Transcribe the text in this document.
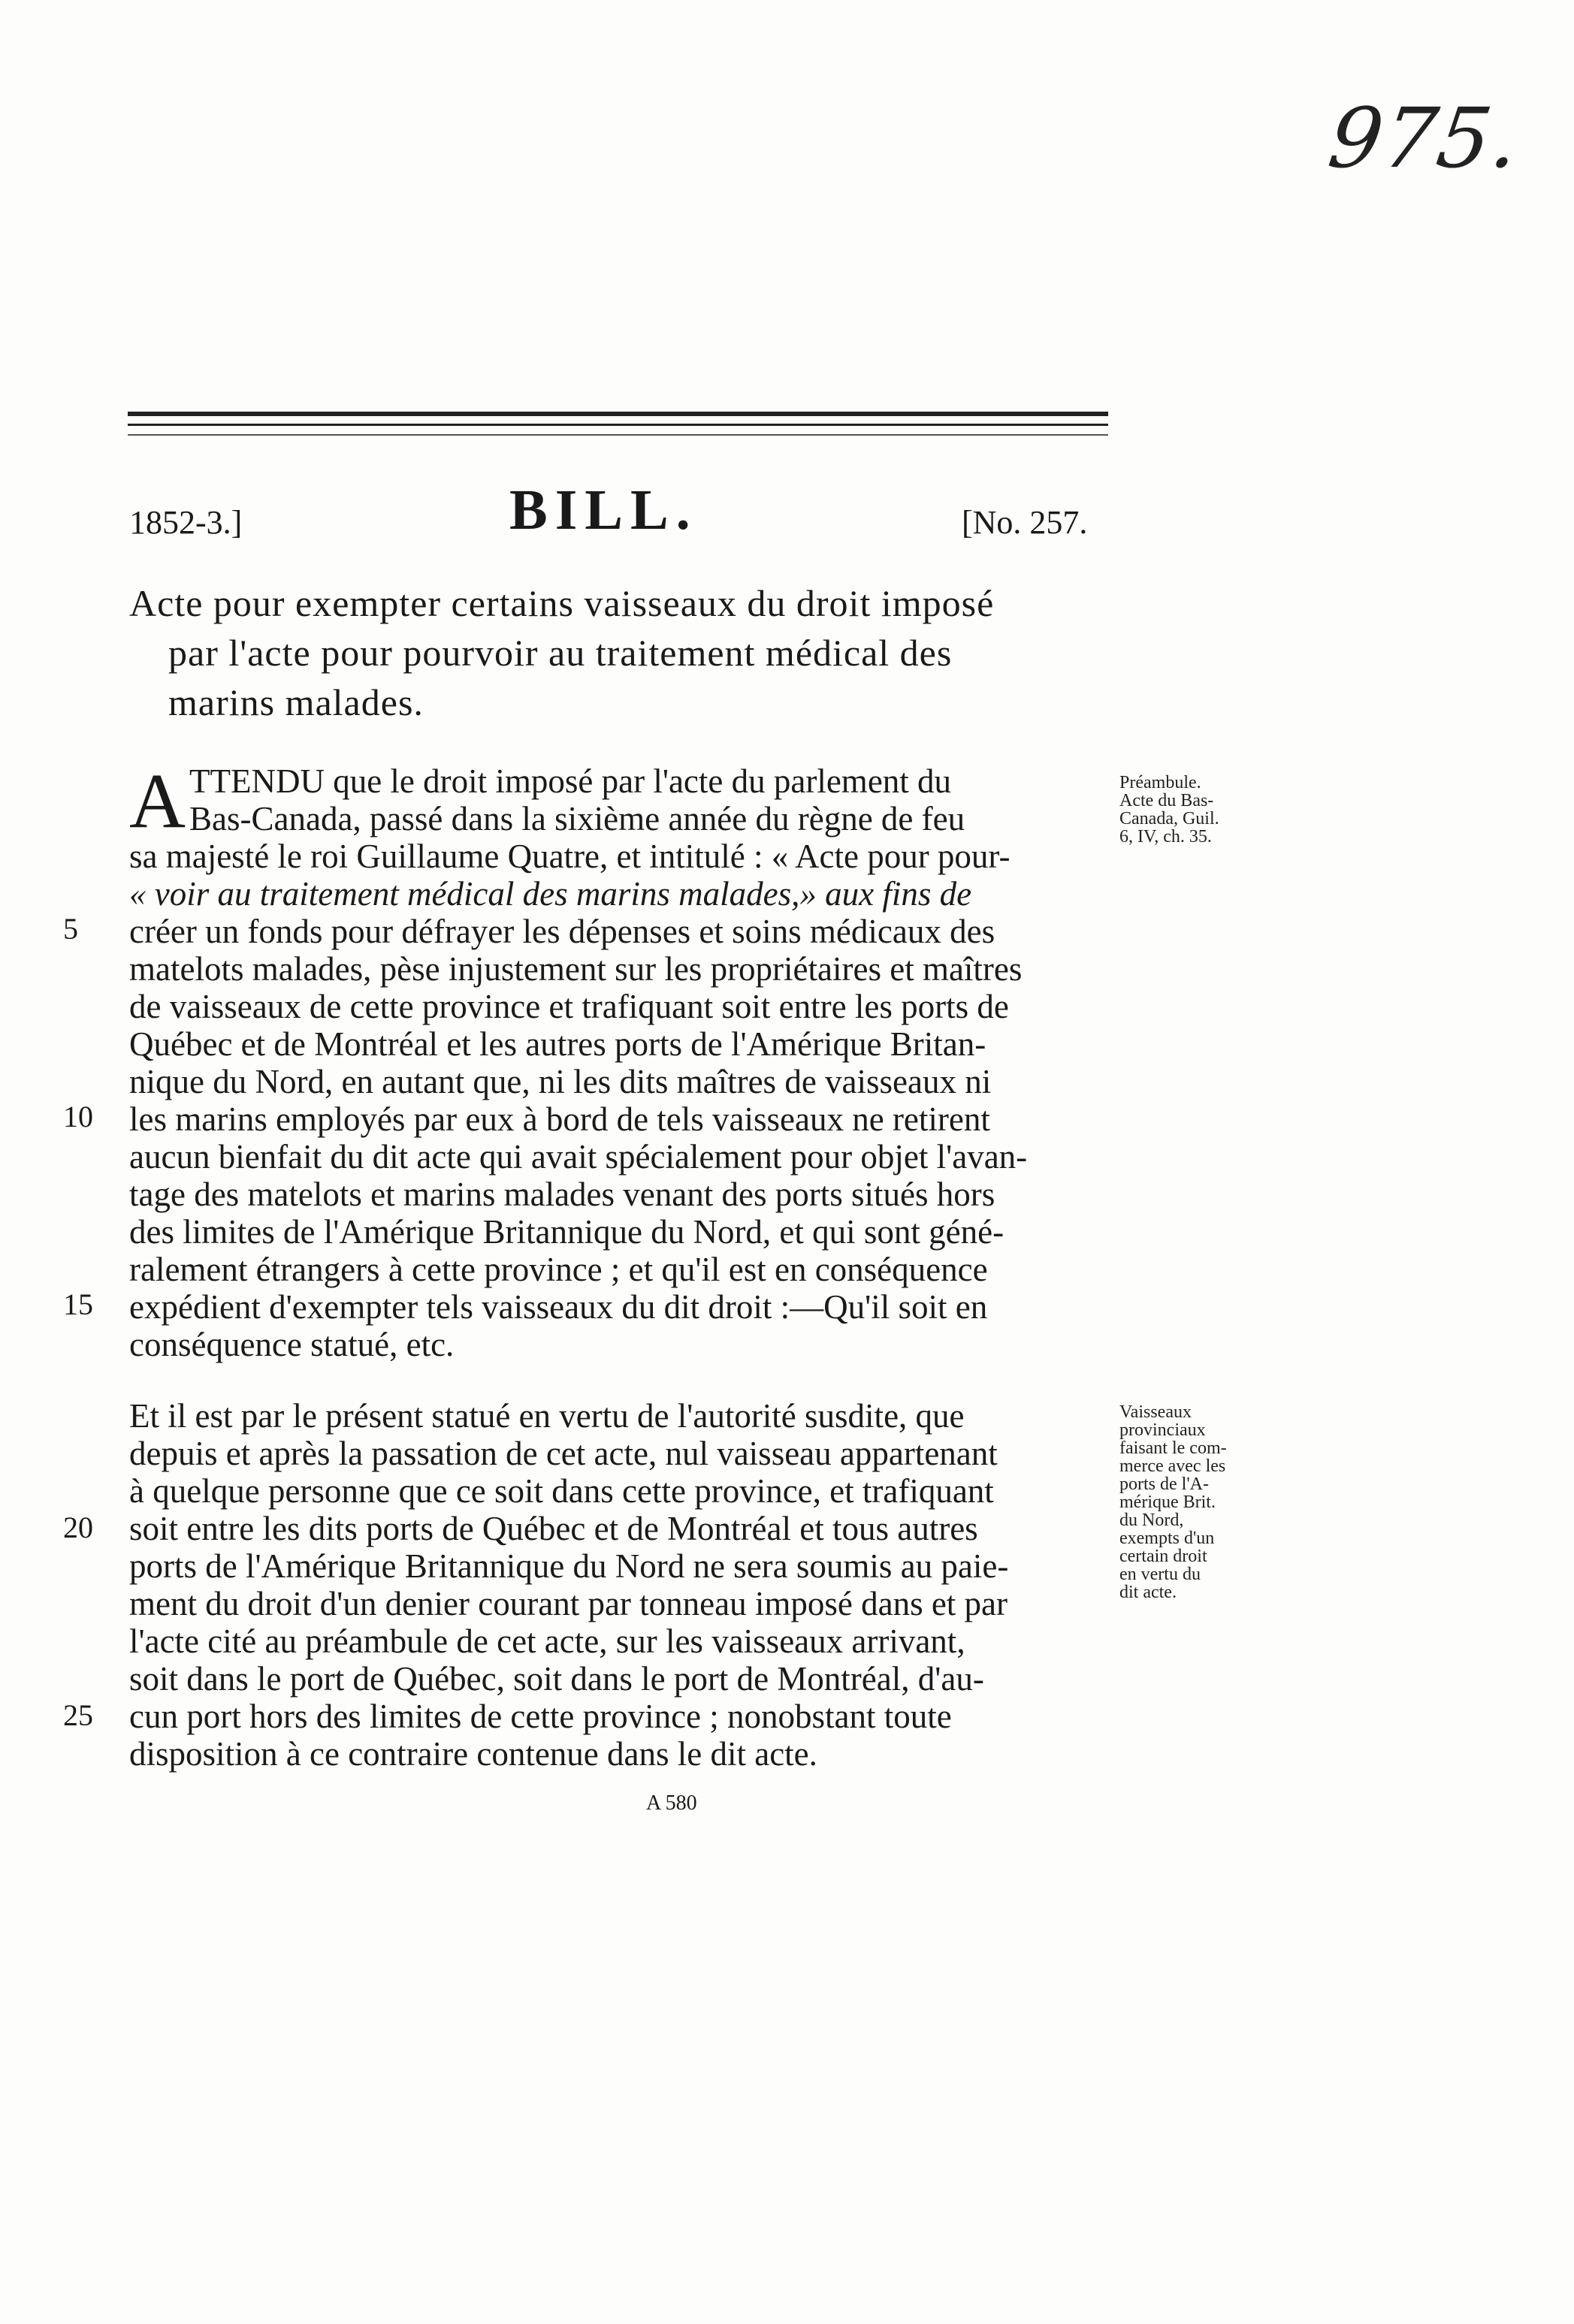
975.
1852-3.]	BILL.	[No. 257.
Acte pour exempter certains vaisseaux du droit imposé
par l'acte pour pourvoir au traitement médical des
marins malades.
A TTENDU que le droit imposé par l'acte du parlement du
Bas-Canada, passé dans la sixième année du règne de feu
sa majesté le roi Guillaume Quatre, et intitulé : « Acte pour pour-
« voir au traitement médical des marins malades,» aux fins de
créer un fonds pour défrayer les dépenses et soins médicaux des
matelots malades, pèse injustement sur les propriétaires et maîtres
de vaisseaux de cette province et trafiquant soit entre les ports de
Québec et de Montréal et les autres ports de l'Amérique Britan-
nique du Nord, en autant que, ni les dits maîtres de vaisseaux ni
les marins employés par eux à bord de tels vaisseaux ne retirent
aucun bienfait du dit acte qui avait spécialement pour objet l'avan-
tage des matelots et marins malades venant des ports situés hors
des limites de l'Amérique Britannique du Nord, et qui sont géné-
ralement étrangers à cette province ; et qu'il est en conséquence
expédient d'exempter tels vaisseaux du dit droit :—Qu'il soit en
conséquence statué, etc.
Et il est par le présent statué en vertu de l'autorité susdite, que
depuis et après la passation de cet acte, nul vaisseau appartenant
à quelque personne que ce soit dans cette province, et trafiquant
soit entre les dits ports de Québec et de Montréal et tous autres
ports de l'Amérique Britannique du Nord ne sera soumis au paie-
ment du droit d'un denier courant par tonneau imposé dans et par
l'acte cité au préambule de cet acte, sur les vaisseaux arrivant,
soit dans le port de Québec, soit dans le port de Montréal, d'au-
cun port hors des limites de cette province ; nonobstant toute
disposition à ce contraire contenue dans le dit acte.
5
10
15
20
25
Préambule.
Acte du Bas-
Canada, Guil.
6, IV, ch. 35.
Vaisseaux
provinciaux
faisant le com-
merce avec les
ports de l'A-
mérique Brit.
du Nord,
exempts d'un
certain droit
en vertu du
dit acte.
A 580
